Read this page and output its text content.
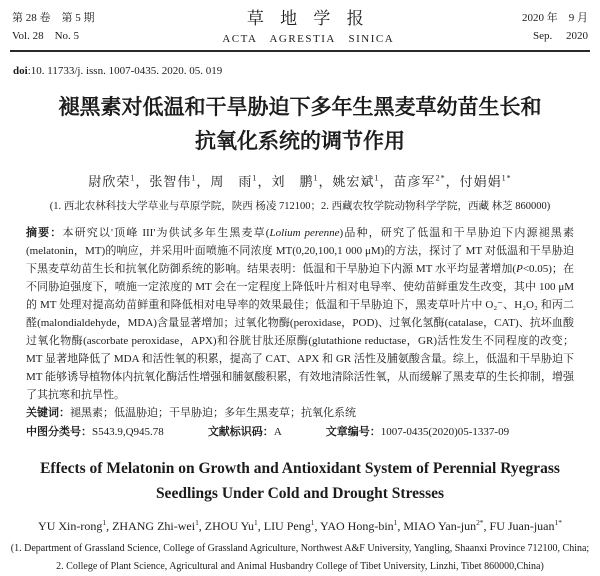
第 28 卷　第 5 期
Vol. 28　No. 5
草 地 学 报
ACTA AGRESTIA SINICA
2020 年　9 月
Sep.　 2020
doi:10. 11733/j. issn. 1007-0435. 2020. 05. 019
褪黑素对低温和干旱胁迫下多年生黑麦草幼苗生长和
抗氧化系统的调节作用
尉欣荣$^1$，张智伟$^1$，周　雨$^1$，刘　鹏$^1$，姚宏斌$^1$，苗彦军$^{2*}$，付娟娟$^{1*}$
(1. 西北农林科技大学草业与草原学院，陕西 杨凌 712100；2. 西藏农牧学院动物科学学院，西藏 林芝 860000)

摘要：本研究以'顶峰 III'为供试多年生黑麦草(Lolium perenne)品种，研究了低温和干旱胁迫下内源褪黑素(melatonin，MT)的响应，并采用叶面喷施不同浓度 MT(0,20,100,1 000 μM)的方法，探讨了 MT 对低温和干旱胁迫下黑麦草幼苗生长和抗氧化防御系统的影响。结果表明：低温和干旱胁迫下内源 MT 水平均显著增加(P<0.05)；在不同胁迫强度下，喷施一定浓度的 MT 会在一定程度上降低叶片相对电导率、使幼苗鲜重发生改变，其中 100 μM 的 MT 处理对提高幼苗鲜重和降低相对电导率的效果最佳；低温和干旱胁迫下，黑麦草叶片中 O₂⁻、H₂O₂ 和丙二醛(malondialdehyde，MDA)含量显著增加；过氧化物酶(peroxidase，POD)、过氧化氢酶(catalase，CAT)、抗坏血酸过氧化物酶(ascorbate peroxidase，APX)和谷胱甘肽还原酶(glutathione reductase，GR)活性发生不同程度的改变；MT 显著地降低了 MDA 和活性氧的积累，提高了 CAT、APX 和 GR 活性及脯氨酸含量。综上，低温和干旱胁迫下 MT 能够诱导植物体内抗氧化酶活性增强和脯氨酸积累，有效地清除活性氧，从而缓解了黑麦草的生长抑制，增强了其抗寒和抗旱性。

关键词：褪黑素；低温胁迫；干旱胁迫；多年生黑麦草；抗氧化系统
中图分类号：S543.9,Q945.78	文献标识码：A	文章编号：1007-0435(2020)05-1337-09
Effects of Melatonin on Growth and Antioxidant System of Perennial Ryegrass
Seedlings Under Cold and Drought Stresses
YU Xin-rong$^1$, ZHANG Zhi-wei$^1$, ZHOU Yu$^1$, LIU Peng$^1$, YAO Hong-bin$^1$, MIAO Yan-jun$^{2*}$, FU Juan-juan$^{1*}$
(1. Department of Grassland Science, College of Grassland Agriculture, Northwest A&F University, Yangling, Shaanxi Province 712100, China;
2. College of Plant Science, Agricultural and Animal Husbandry College of Tibet University, Linzhi, Tibet 860000,China)
